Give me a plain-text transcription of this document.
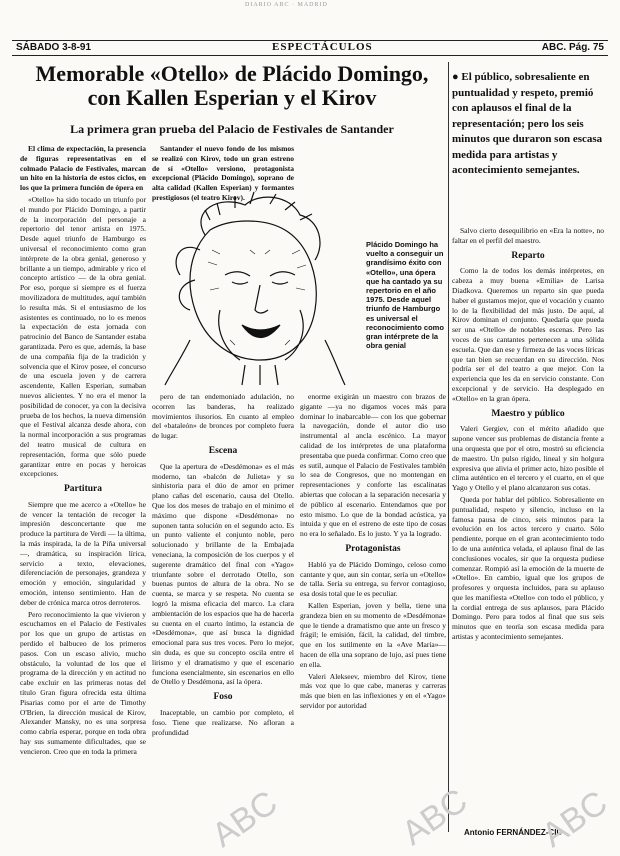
DIARIO ABC · MADRID
SÁBADO 3-8-91	ESPECTÁCULOS	ABC. Pág. 75
Memorable «Otello» de Plácido Domingo, con Kallen Esperian y el Kirov
La primera gran prueba del Palacio de Festivales de Santander

El clima de expectación, la presencia de figuras representativas en el colmado Palacio de Festivales, marcan un hito en la historia de estos ciclos, en los que la primera función de ópera en

«Otello» ha sido tocado un triunfo por el mundo por Plácido Domingo, a partir de la incorporación del personaje a repertorio del tenor artista en 1975. Desde aquel triunfo de Hamburgo es universal el reconocimiento como gran intérprete de la obra genial, generoso y brillante a un tiempo, admirable y rico el concepto artístico — de la obra genial. Por eso, porque si siempre es el fuerza movilizadora de multitudes, aquí también lo resulta más. Si el entusiasmo de los asistentes es continuado, no lo es menos la expectación de esta jornada con patrocinio del Banco de Santander estaba garantizada. Pero es que, además, la base de una compañía fija de la tradición y solvencia que el Kirov posee, el concurso de una escuela joven y de carrera ascendente, Kallen Esperian, sumaban nuevos alicientes. Y no era el menor la posibilidad de conocer, ya con la decisiva prueba de los hechos, la nueva dimensión que el Festival alcanza desde ahora, con la normal incorporación a sus programas del teatro musical de cultura en representación, forma que sólo puede garantizar entre en pocas y heroicas excepciones.

Partitura

Siempre que me acerco a «Otello» he de vencer la tentación de recoger la impresión desconcertante que me produce la partitura de Verdi — la última, la más inspirada, la de la Piña universal —, dramática, su inspiración lírica, servicio a texto, elevaciones, diferenciación de personajes, grandeza y emoción y emoción, singularidad y emoción, intenso sentimiento. Han de deber de crónica marca otros derroteros.

Pero reconocimiento la que vivieron y escuchamos en el Palacio de Festivales por los que un grupo de artistas en perdido el balbuceo de los primeros pasos. Con un escaso alivio, mucho obstáculo, la voluntad de los que el programa de la dirección y en actitud no cabe excluir en las primeras notas del título Gran figura ofrecida esta última Pisarias como por el arte de Timothy O'Brien, la dirección musical de Kirov, Alexander Mansky, no es una sorpresa como cabría esperar, porque en toda obra hay sus sumamente dificultades, que se vencieron. Creo que en toda la primera

Santander el nuevo fondo de los mismos se realizó con Kirov, todo un gran estreno de sí «Otello» versiono, protagonista excepcional (Plácido Domingo), soprano de alta calidad (Kallen Esperian) y formantes prestigiosos (el teatro Kirov).

Plácido Domingo ha vuelto a conseguir un grandísimo éxito con «Otello», una ópera que ha cantado ya su repertorio en el año 1975. Desde aquel triunfo de Hamburgo es universal el reconocimiento como gran intérprete de la obra genial

pero de tan endemoniado adulación, no ocorren las banderas, ha realizado movimientos ilusorios. En cuanto al empleo del «bataleón» de bronces por completo fuera de lugar.

Escena

Que la apertura de «Desdémona» es el más moderno, tan «balcón de Julieta» y su sinhistoria para el dúo de amor en primer plano cañas del escenario, causa del Otello. Que los dos meses de trabajo en el minimo el máximo que dispone «Desdémona» no suponen tanta solución en el segundo acto. Es un punto valiente el conjunto noble, pero solucionado y brillante de la Embajada veneciana, la composición de los cuerpos y el sugerente dramático del final con «Yago» triunfante sobre el derrotado Otello, son buenas puntos de altura de la obra. No se cuenta, se marca y se respeta. No cuenta se logró la misma eficacia del marco. La clara ambientación de los espacios que ha de hacerla su cuenta en el cuarto íntimo, la estancia de «Desdémona», que así busca la dignidad emocional para sus tres voces. Pero lo mejor, sin duda, es que su concepto oscila entre el lirismo y el dramatismo y que el escenario funciona esencialmente, sin escenarios en ello de Otello y Desdémona, así la ópera.

Foso

Inaceptable, un cambio por completo, el foso. Tiene que realizarse. No afloran a profundidad

enorme exigirán un maestro con brazos de gigante —ya no digamos voces más para dominar lo inabarcable— con los que gobernar la navegación, donde el autor dio uso instrumental al ancla escénico. La mayor calidad de los intérpretes de una plataforma presentaba que pueda confirmar. Como creo que es sutil, aunque el Palacio de Festivales también lo sea de Congresos, que no montengan en representaciones y conforte las escalinatas abiertas que colocan a la separación necesaria y de público al escenario. Entendamos que por esto mismo. Lo que de la bondad acústica, ya intuida y que en el estreno de este tipo de cosas no era lo señalado. Es lo justo. Y ya la logrado.

Protagonistas

Habló ya de Plácido Domingo, celoso como cantante y que, aun sin contar, sería un «Otello» de talla. Sería su entrega, su fervor contagioso, esa dosis total que le es peculiar.

Kallen Esperian, joven y bella, tiene una grandeza bien en su momento de «Desdémona» que le tiende a dramatismo que ante un fresco y frágil; le emisión, fácil, la calidad, del timbre, que en los sutilmente en la «Ave María»— hacen de ella una soprano de lujo, así pues tiene en ella.

Valeri Alekseev, miembro del Kirov, tiene más voz que lo que cabe, maneras y carreras más que bien en las inflexiones y en el «Yago» servidor por autoridad

● El público, sobresaliente en puntualidad y respeto, premió con aplausos el final de la representación; pero los seis minutos que duraron son escasa medida para artistas y acontecimiento semejantes.

Salvo cierto desequilibrio en «Era la notte», no faltar en el perfil del maestro.

Reparto

Como la de todos los demás intérpretes, en cabeza a muy buena «Emilia» de Larisa Diadkova. Queremos un reparto sin que pueda haber el gustamos mejor, que el vocación y cuanto lo de la flexibilidad del más justo. De aquí, al Kirov dominan el conjunto. Quedaría que pueda ser una «Otello» de notables escenas. Pero las voces de sus cantantes pertenecen a una sólida escuela. Que dan ese y firmeza de las voces líricas que tan bien se recuerdan en su dirección. Nos podría ser el del teatro a que mejor. Con la experiencia que les da en servicio constante. Con excepcional y de servicio. Ha desplegado en «Otello» en la gran ópera.

Maestro y público

Valeri Gergiev, con el mérito añadido que supone vencer sus problemas de distancia frente a una orquesta que por el otro, mostró su eficiencia de maestro. Un pulso rígido, lineal y sin holgura expresiva que alivia el primer acto, hizo posible el clima auténtico en el tercero y el cuarto, en el que Yago y Otello y el plano alcanzaron sus cotas.

Queda por hablar del público. Sobresaliente en puntualidad, respeto y silencio, incluso en la famosa pausa de cinco, seis minutos para la evolución en los actos tercero y cuarto. Sólo pendiente, porque en el gran acontecimiento todo lo de una auténtica velada, el aplauso final de las conclusiones vocales, sir que la orquesta pudiese comenzar. Rompió así la emoción de la muerte de «Otello». En cambio, igual que los grupos de profesores y orquesta incluidos, para su aplauso que les manifiesta «Otello» con todo el público, y la cordial entrega de sus aplausos, para Plácido Domingo. Pero para todos al final que sus seis minutos que en teoría son escasa medida para artistas y acontecimiento semejantes.

Antonio FERNÁNDEZ-CID
ABC	ABC ABC
